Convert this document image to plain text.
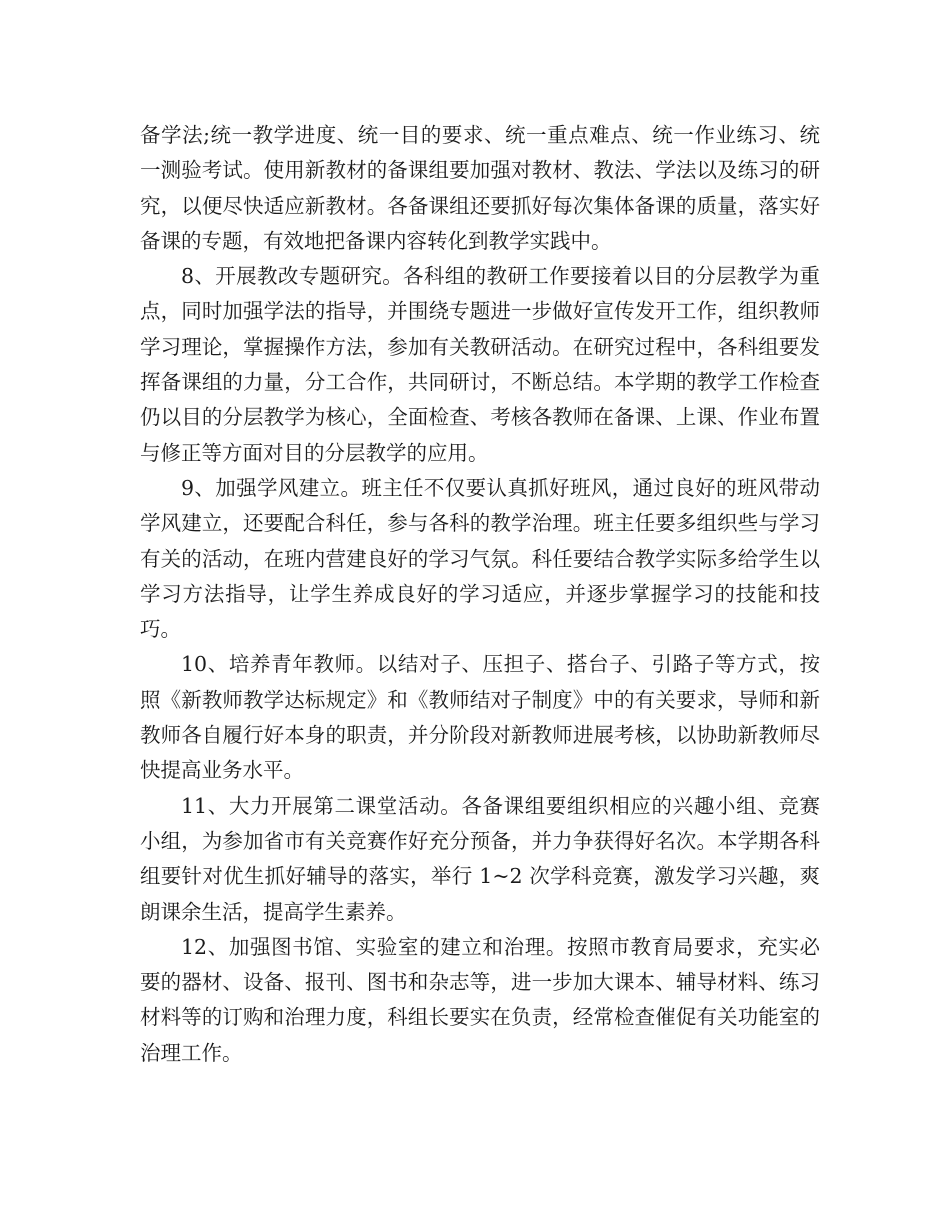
备学法;统一教学进度、统一目的要求、统一重点难点、统一作业练习、统一测验考试。使用新教材的备课组要加强对教材、教法、学法以及练习的研究，以便尽快适应新教材。各备课组还要抓好每次集体备课的质量，落实好备课的专题，有效地把备课内容转化到教学实践中。

8、开展教改专题研究。各科组的教研工作要接着以目的分层教学为重点，同时加强学法的指导，并围绕专题进一步做好宣传发开工作，组织教师学习理论，掌握操作方法，参加有关教研活动。在研究过程中，各科组要发挥备课组的力量，分工合作，共同研讨，不断总结。本学期的教学工作检查仍以目的分层教学为核心，全面检查、考核各教师在备课、上课、作业布置与修正等方面对目的分层教学的应用。

9、加强学风建立。班主任不仅要认真抓好班风，通过良好的班风带动学风建立，还要配合科任，参与各科的教学治理。班主任要多组织些与学习有关的活动，在班内营建良好的学习气氛。科任要结合教学实际多给学生以学习方法指导，让学生养成良好的学习适应，并逐步掌握学习的技能和技巧。

10、培养青年教师。以结对子、压担子、搭台子、引路子等方式，按照《新教师教学达标规定》和《教师结对子制度》中的有关要求，导师和新教师各自履行好本身的职责，并分阶段对新教师进展考核，以协助新教师尽快提高业务水平。

11、大力开展第二课堂活动。各备课组要组织相应的兴趣小组、竞赛小组，为参加省市有关竞赛作好充分预备，并力争获得好名次。本学期各科组要针对优生抓好辅导的落实，举行 1~2 次学科竞赛，激发学习兴趣，爽朗课余生活，提高学生素养。

12、加强图书馆、实验室的建立和治理。按照市教育局要求，充实必要的器材、设备、报刊、图书和杂志等，进一步加大课本、辅导材料、练习材料等的订购和治理力度，科组长要实在负责，经常检查催促有关功能室的治理工作。
